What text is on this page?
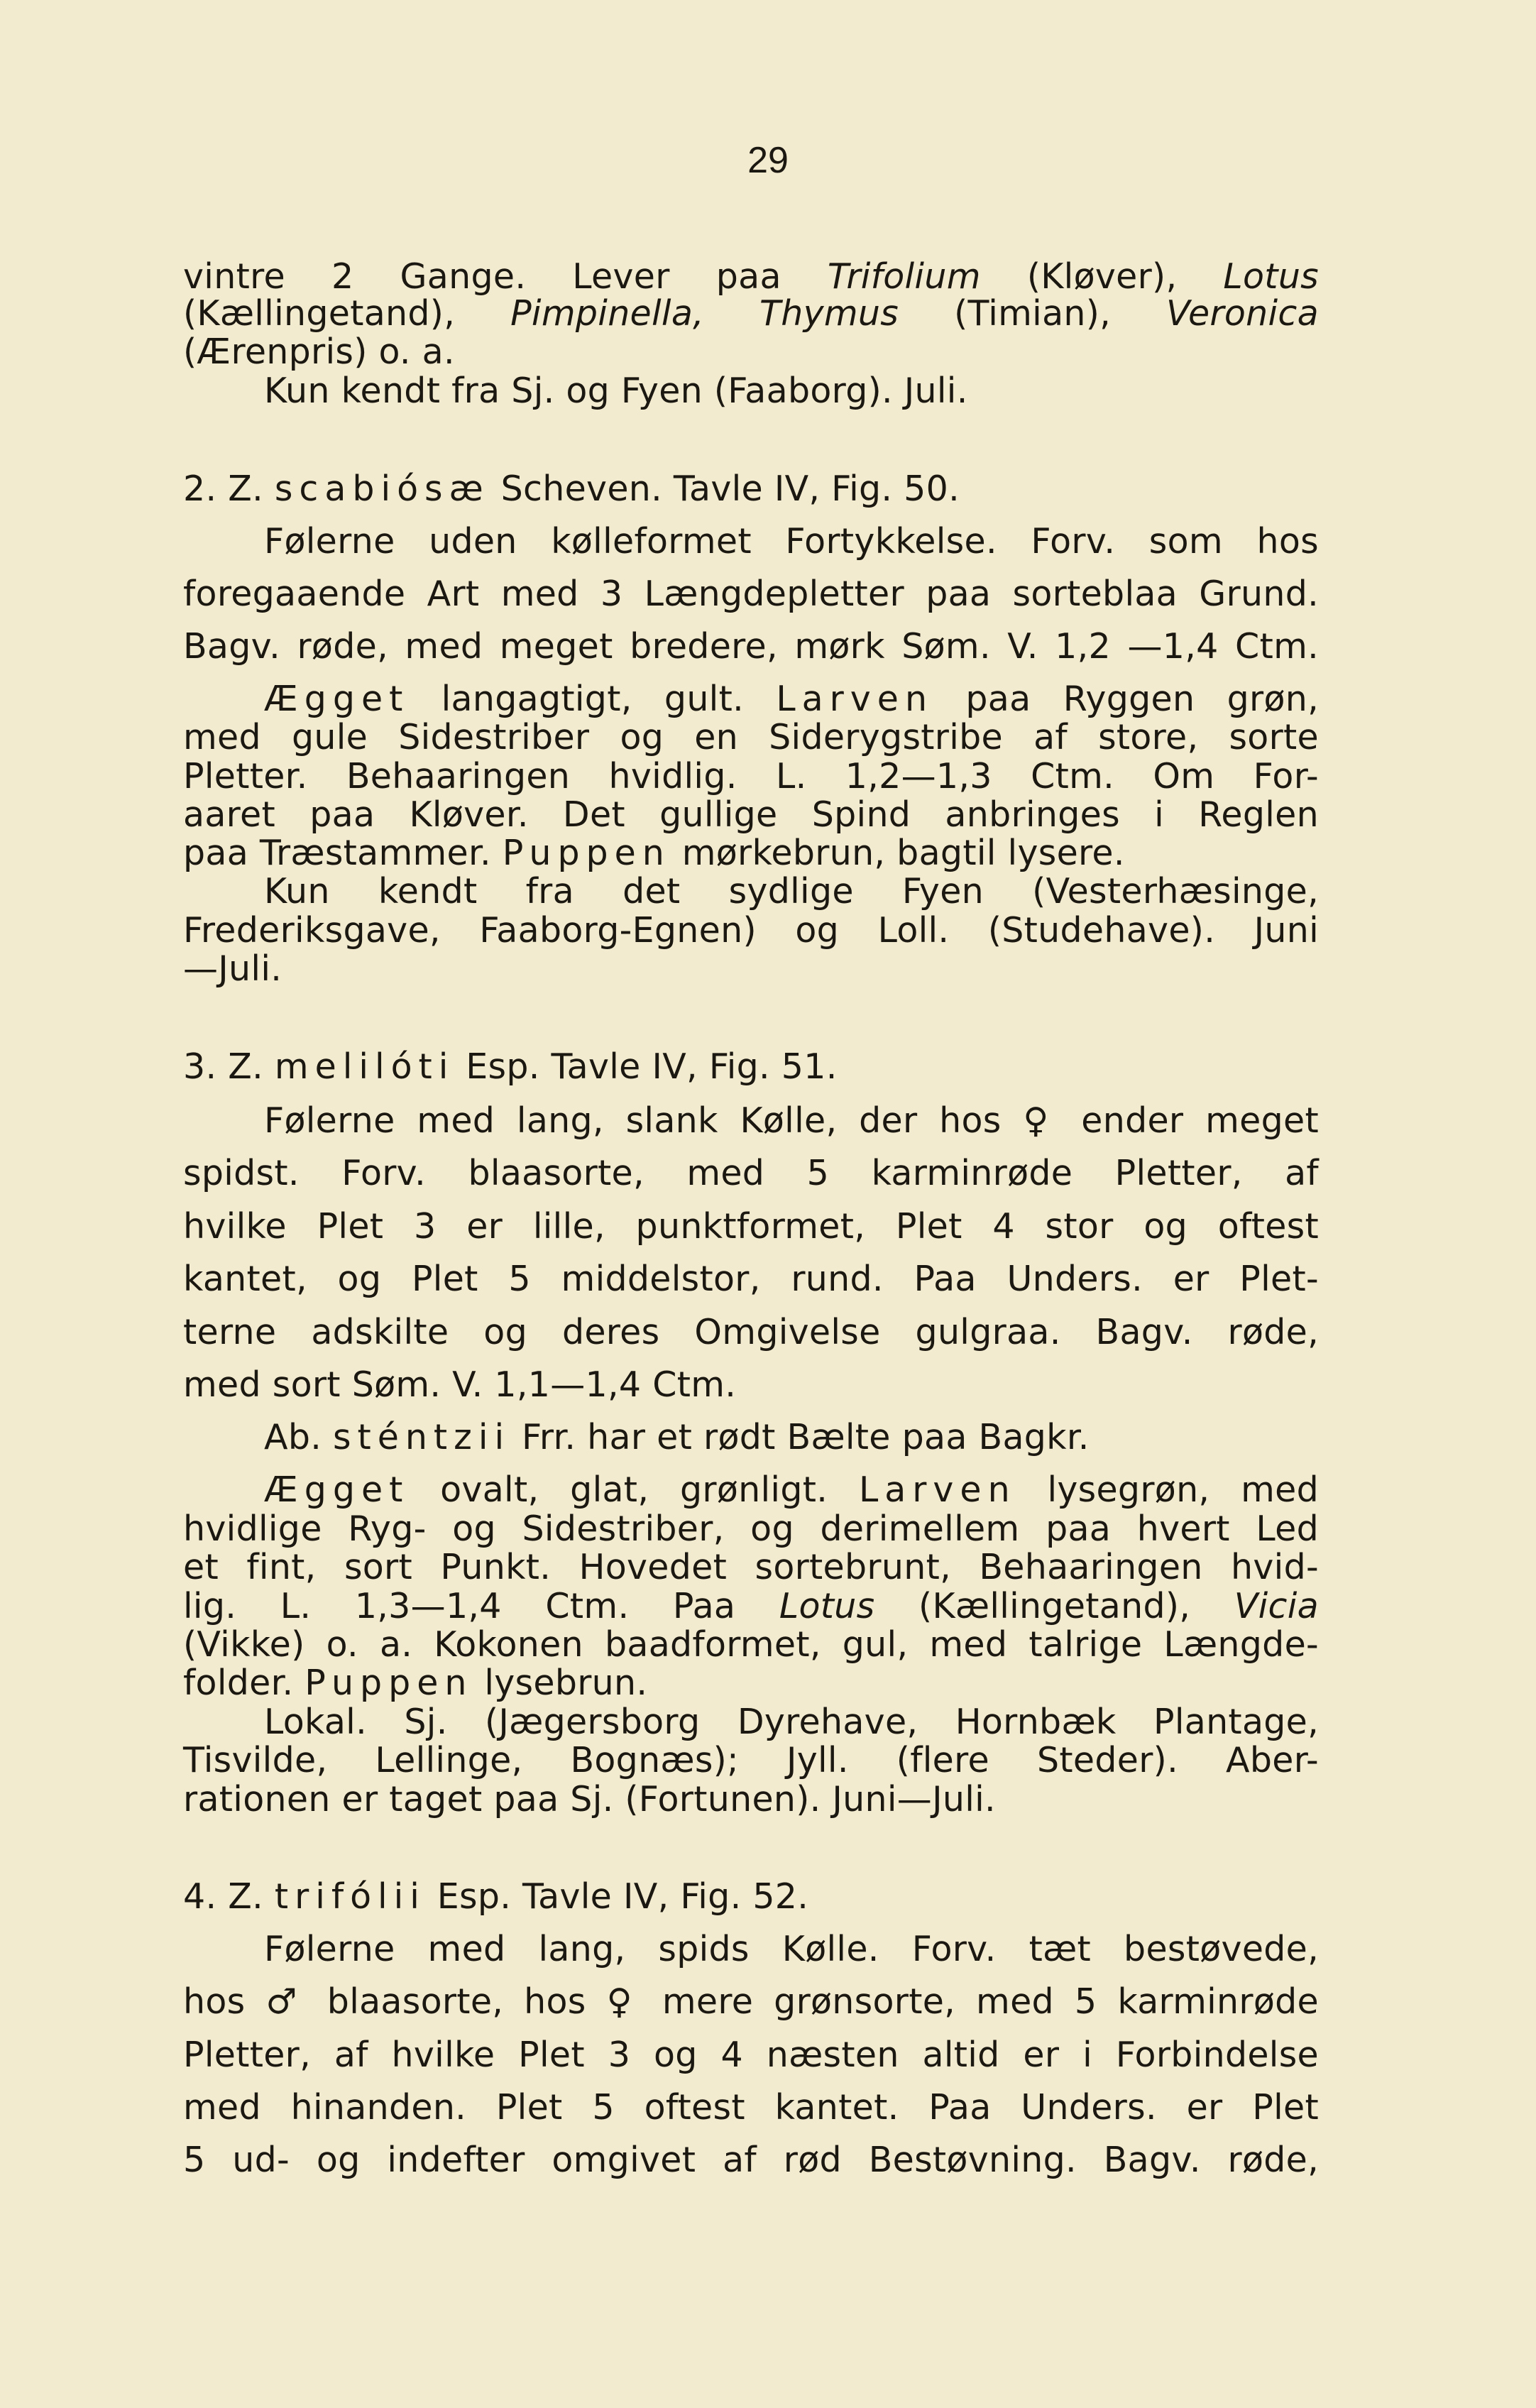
29
vintre 2 Gange. Lever paa Trifolium (Kløver), Lotus
(Kællingetand), Pimpinella, Thymus (Timian), Veronica
(Ærenpris) o. a.
Kun kendt fra Sj. og Fyen (Faaborg). Juli.
2. Z. scabiósæ Scheven. Tavle IV, Fig. 50.
Følerne uden kølleformet Fortykkelse. Forv. som hos
foregaaende Art med 3 Længdepletter paa sorteblaa Grund.
Bagv. røde, med meget bredere, mørk Søm. V. 1,2 —1,4 Ctm.
Ægget langagtigt, gult. Larven paa Ryggen grøn,
med gule Sidestriber og en Siderygstribe af store, sorte
Pletter. Behaaringen hvidlig. L. 1,2—1,3 Ctm. Om For-
aaret paa Kløver. Det gullige Spind anbringes i Reglen
paa Træstammer. Puppen mørkebrun, bagtil lysere.
Kun kendt fra det sydlige Fyen (Vesterhæsinge,
Frederiksgave, Faaborg-Egnen) og Loll. (Studehave). Juni
—Juli.
3. Z. melilóti Esp. Tavle IV, Fig. 51.
Følerne med lang, slank Kølle, der hos ♀ ender meget
spidst. Forv. blaasorte, med 5 karminrøde Pletter, af
hvilke Plet 3 er lille, punktformet, Plet 4 stor og oftest
kantet, og Plet 5 middelstor, rund. Paa Unders. er Plet-
terne adskilte og deres Omgivelse gulgraa. Bagv. røde,
med sort Søm. V. 1,1—1,4 Ctm.
Ab. sténtzii Frr. har et rødt Bælte paa Bagkr.
Ægget ovalt, glat, grønligt. Larven lysegrøn, med
hvidlige Ryg- og Sidestriber, og derimellem paa hvert Led
et fint, sort Punkt. Hovedet sortebrunt, Behaaringen hvid-
lig. L. 1,3—1,4 Ctm. Paa Lotus (Kællingetand), Vicia
(Vikke) o. a. Kokonen baadformet, gul, med talrige Længde-
folder. Puppen lysebrun.
Lokal. Sj. (Jægersborg Dyrehave, Hornbæk Plantage,
Tisvilde, Lellinge, Bognæs); Jyll. (flere Steder). Aber-
rationen er taget paa Sj. (Fortunen). Juni—Juli.
4. Z. trifólii Esp. Tavle IV, Fig. 52.
Følerne med lang, spids Kølle. Forv. tæt bestøvede,
hos ♂ blaasorte, hos ♀ mere grønsorte, med 5 karminrøde
Pletter, af hvilke Plet 3 og 4 næsten altid er i Forbindelse
med hinanden. Plet 5 oftest kantet. Paa Unders. er Plet
5 ud- og indefter omgivet af rød Bestøvning. Bagv. røde,
